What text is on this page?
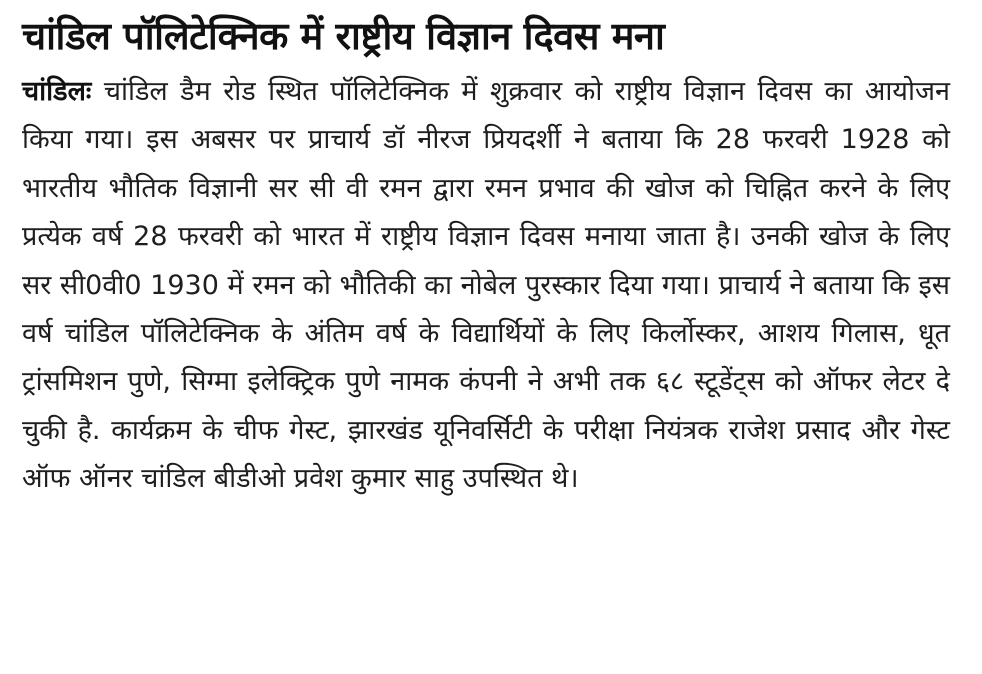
चांडिल पॉलिटेक्निक में राष्ट्रीय विज्ञान दिवस मना

चांडिलः चांडिल डैम रोड स्थित पॉलिटेक्निक में शुक्रवार को राष्ट्रीय विज्ञान दिवस का आयोजन किया गया। इस अबसर पर प्राचार्य डॉ नीरज प्रियदर्शी ने बताया कि 28 फरवरी 1928 को भारतीय भौतिक विज्ञानी सर सी वी रमन द्वारा रमन प्रभाव की खोज को चिह्नित करने के लिए प्रत्येक वर्ष 28 फरवरी को भारत में राष्ट्रीय विज्ञान दिवस मनाया जाता है। उनकी खोज के लिए सर सी0वी0 1930 में रमन को भौतिकी का नोबेल पुरस्कार दिया गया। प्राचार्य ने बताया कि इस वर्ष चांडिल पॉलिटेक्निक के अंतिम वर्ष के विद्यार्थियों के लिए किर्लोस्कर, आशय गिलास, धूत ट्रांसमिशन पुणे, सिग्मा इलेक्ट्रिक पुणे नामक कंपनी ने अभी तक ६८ स्टूडेंट्स को ऑफर लेटर दे चुकी है. कार्यक्रम के चीफ गेस्ट, झारखंड यूनिवर्सिटी के परीक्षा नियंत्रक राजेश प्रसाद और गेस्ट ऑफ ऑनर चांडिल बीडीओ प्रवेश कुमार साहु उपस्थित थे।
